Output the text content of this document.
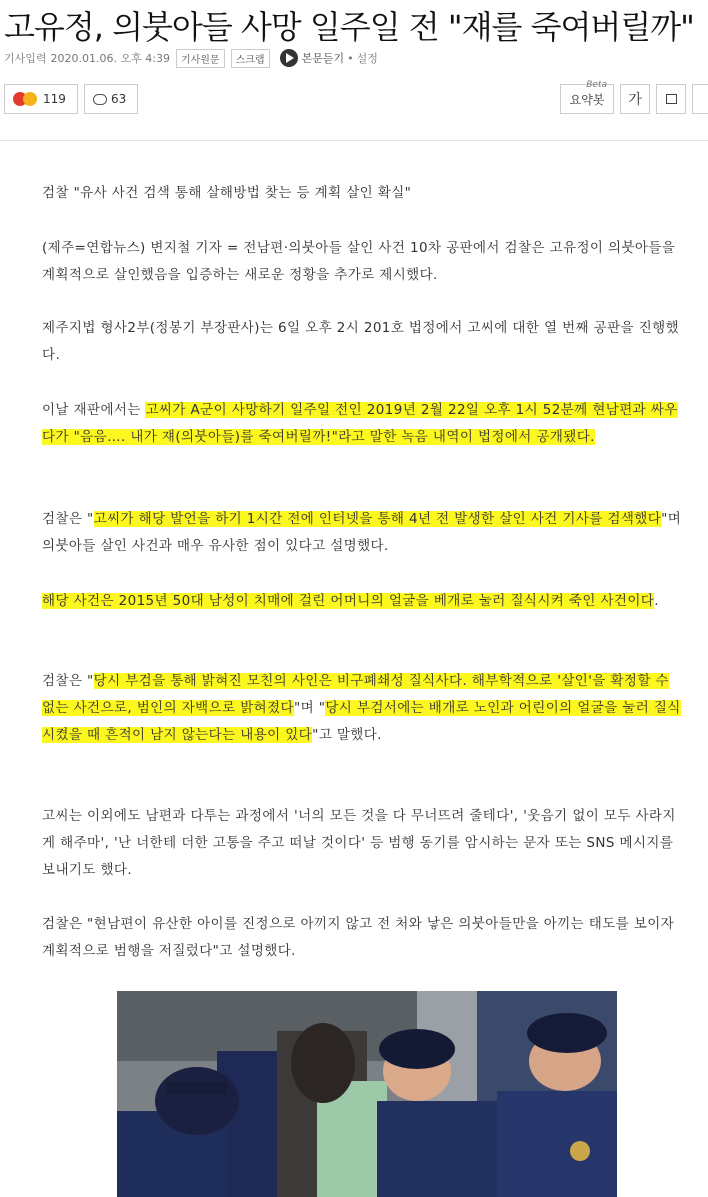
고유정, 의붓아들 사망 일주일 전 "쟤를 죽여버릴까"
기사입력 2020.01.06. 오후 4:39	기사원문	스크랩	본문듣기 • 설정
119	63
Beta
요약봇	가

검찰 "유사 사건 검색 통해 살해방법 찾는 등 계획 살인 확실"

(제주=연합뉴스) 변지철 기자 = 전남편·의붓아들 살인 사건 10차 공판에서 검찰은 고유정이 의붓아들을 계획적으로 살인했음을 입증하는 새로운 정황을 추가로 제시했다.

제주지법 형사2부(정봉기 부장판사)는 6일 오후 2시 201호 법정에서 고씨에 대한 열 번째 공판을 진행했다.

이날 재판에서는 고씨가 A군이 사망하기 일주일 전인 2019년 2월 22일 오후 1시 52분께 현남편과 싸우다가 "음음…. 내가 쟤(의붓아들)를 죽여버릴까!"라고 말한 녹음 내역이 법정에서 공개됐다.

검찰은 "고씨가 해당 발언을 하기 1시간 전에 인터넷을 통해 4년 전 발생한 살인 사건 기사를 검색했다"며 의붓아들 살인 사건과 매우 유사한 점이 있다고 설명했다.

해당 사건은 2015년 50대 남성이 치매에 걸린 어머니의 얼굴을 베개로 눌러 질식시켜 죽인 사건이다.

검찰은 "당시 부검을 통해 밝혀진 모친의 사인은 비구폐쇄성 질식사다. 해부학적으로 '살인'을 확정할 수 없는 사건으로, 범인의 자백으로 밝혀졌다"며 "당시 부검서에는 배개로 노인과 어린이의 얼굴을 눌러 질식시켰을 때 흔적이 남지 않는다는 내용이 있다"고 말했다.

고씨는 이외에도 남편과 다투는 과정에서 '너의 모든 것을 다 무너뜨려 줄테다', '웃음기 없이 모두 사라지게 해주마', '난 너한테 더한 고통을 주고 떠날 것이다' 등 범행 동기를 암시하는 문자 또는 SNS 메시지를 보내기도 했다.

검찰은 "현남편이 유산한 아이를 진정으로 아끼지 않고 전 처와 낳은 의붓아들만을 아끼는 태도를 보이자 계획적으로 범행을 저질렀다"고 설명했다.
